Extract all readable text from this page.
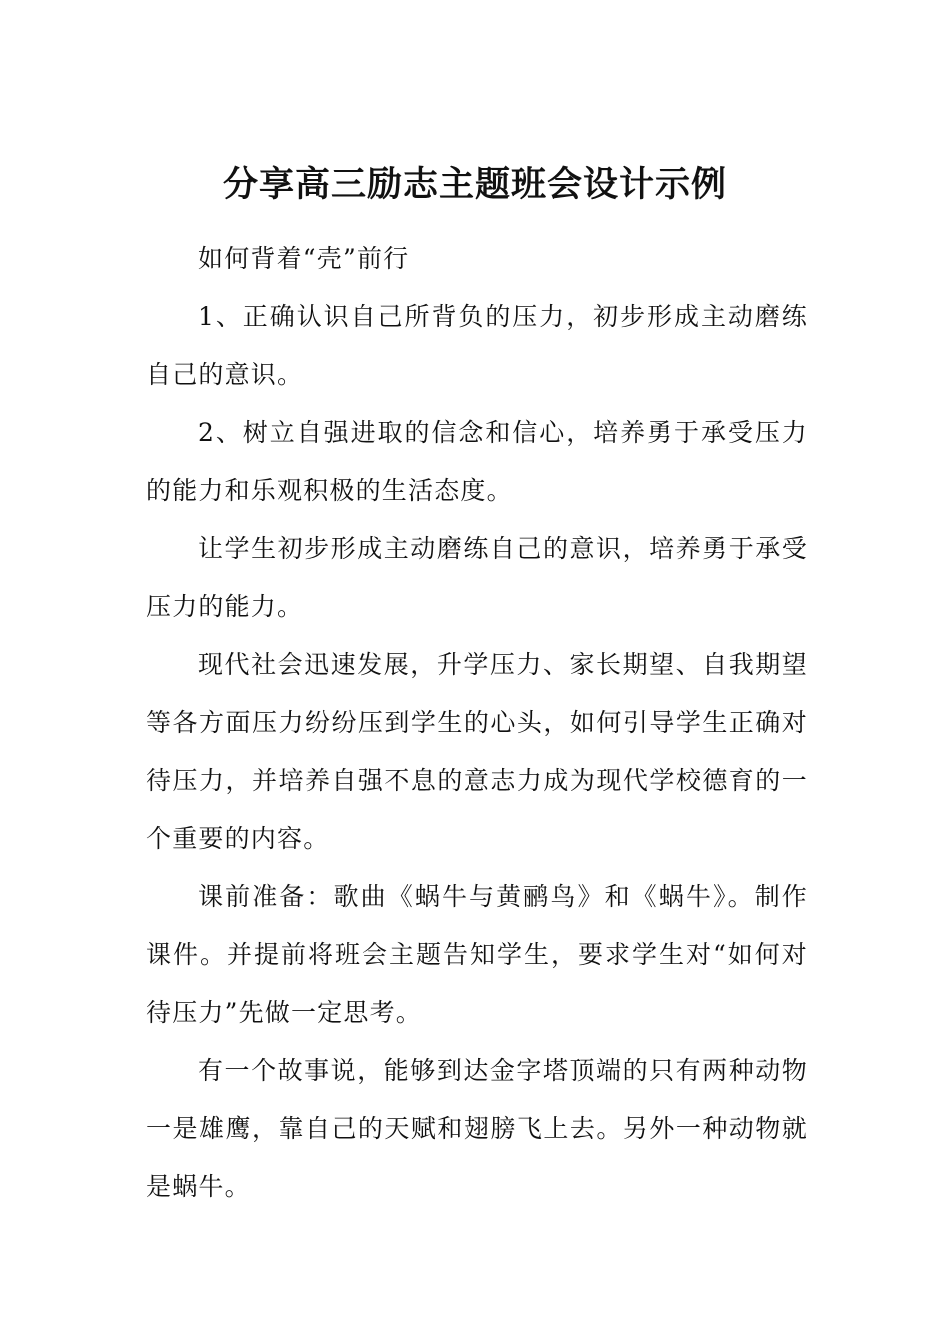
分享高三励志主题班会设计示例

如何背着“壳”前行

1、正确认识自己所背负的压力，初步形成主动磨练自己的意识。

2、树立自强进取的信念和信心，培养勇于承受压力的能力和乐观积极的生活态度。

让学生初步形成主动磨练自己的意识，培养勇于承受压力的能力。

现代社会迅速发展，升学压力、家长期望、自我期望等各方面压力纷纷压到学生的心头，如何引导学生正确对待压力，并培养自强不息的意志力成为现代学校德育的一个重要的内容。

课前准备：歌曲《蜗牛与黄鹂鸟》和《蜗牛》。制作课件。并提前将班会主题告知学生，要求学生对“如何对待压力”先做一定思考。

有一个故事说，能够到达金字塔顶端的只有两种动物一是雄鹰，靠自己的天赋和翅膀飞上去。另外一种动物就是蜗牛。
